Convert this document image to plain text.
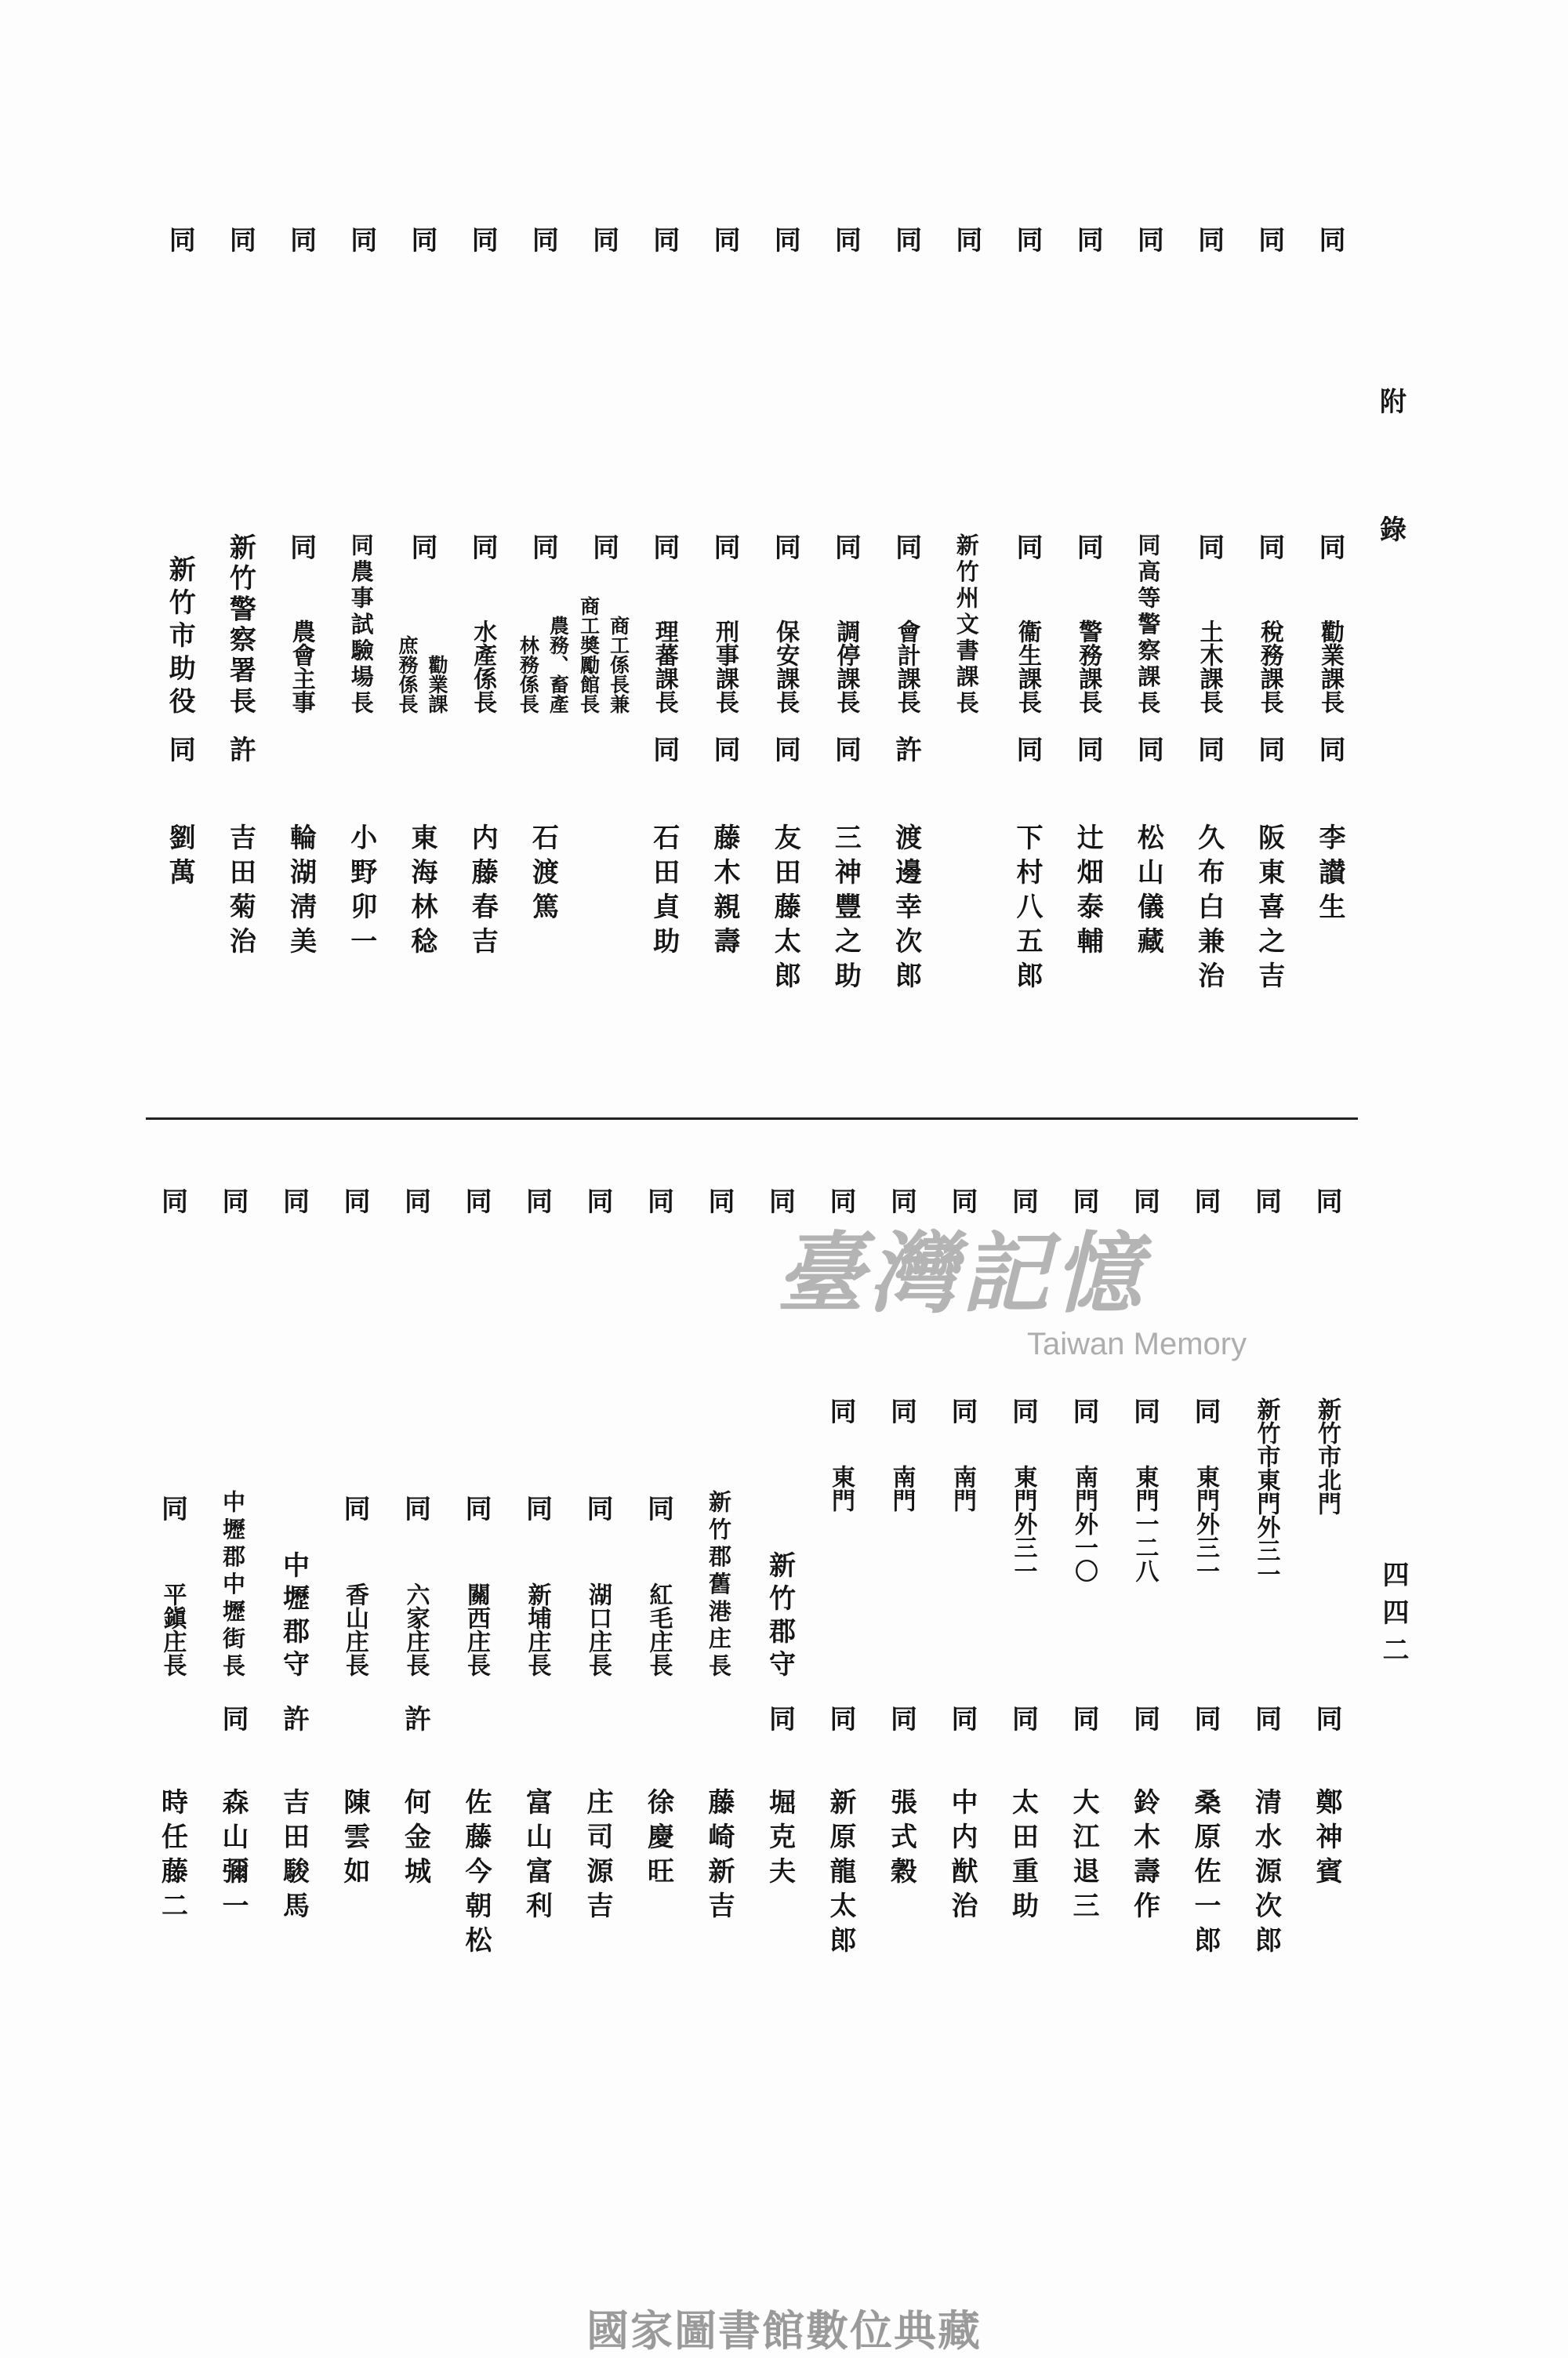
附
錄
四四二
同
同
勸業課長
同
李讃生
同
同
稅務課長
同
阪東喜之吉
同
同
土木課長
同
久布白兼治
同
同高等警察課長
同
松山儀藏
同
同
警務課長
同
辻畑泰輔
同
同
衞生課長
同
下村八五郎
同
新竹州文書課長
同
同
會計課長
許
渡邊幸次郎
同
同
調停課長
同
三神豐之助
同
同
保安課長
同
友田藤太郎
同
同
刑事課長
同
藤木親壽
同
同
理蕃課長
同
石田貞助
同
同
商工係長兼
商工奬勵館長
同
同
農務、畜產
林務係長
石渡篤
同
同
水產係長
内藤春吉
同
同
勸業課
庶務係長
東海林稔
同
同農事試驗場長
小野卯一
同
同
農會主事
輪湖淸美
同
新竹警察署長
許
吉田菊治
同
新竹市助役
同
劉萬
同
新竹市北門
同
鄭神賓
同
新竹市東門外三一
同
清水源次郎
同
同
東門外三一
同
桑原佐一郎
同
同
東門一二八
同
鈴木壽作
同
同
南門外一〇
同
大江退三
同
同
東門外三一
同
太田重助
同
同
南門
同
中内猷治
同
同
南門
同
張式穀
同
同
東門
同
新原龍太郎
同
新竹郡守
同
堀克夫
同
新竹郡舊港庄長
藤崎新吉
同
同
紅毛庄長
徐慶旺
同
同
湖口庄長
庄司源吉
同
同
新埔庄長
富山富利
同
同
關西庄長
佐藤今朝松
同
同
六家庄長
許
何金城
同
同
香山庄長
陳雲如
同
中壢郡守
許
吉田駿馬
同
中壢郡中壢街長
同
森山彌一
同
同
平鎭庄長
時任藤二
臺灣記憶
Taiwan Memory
國家圖書館數位典藏
